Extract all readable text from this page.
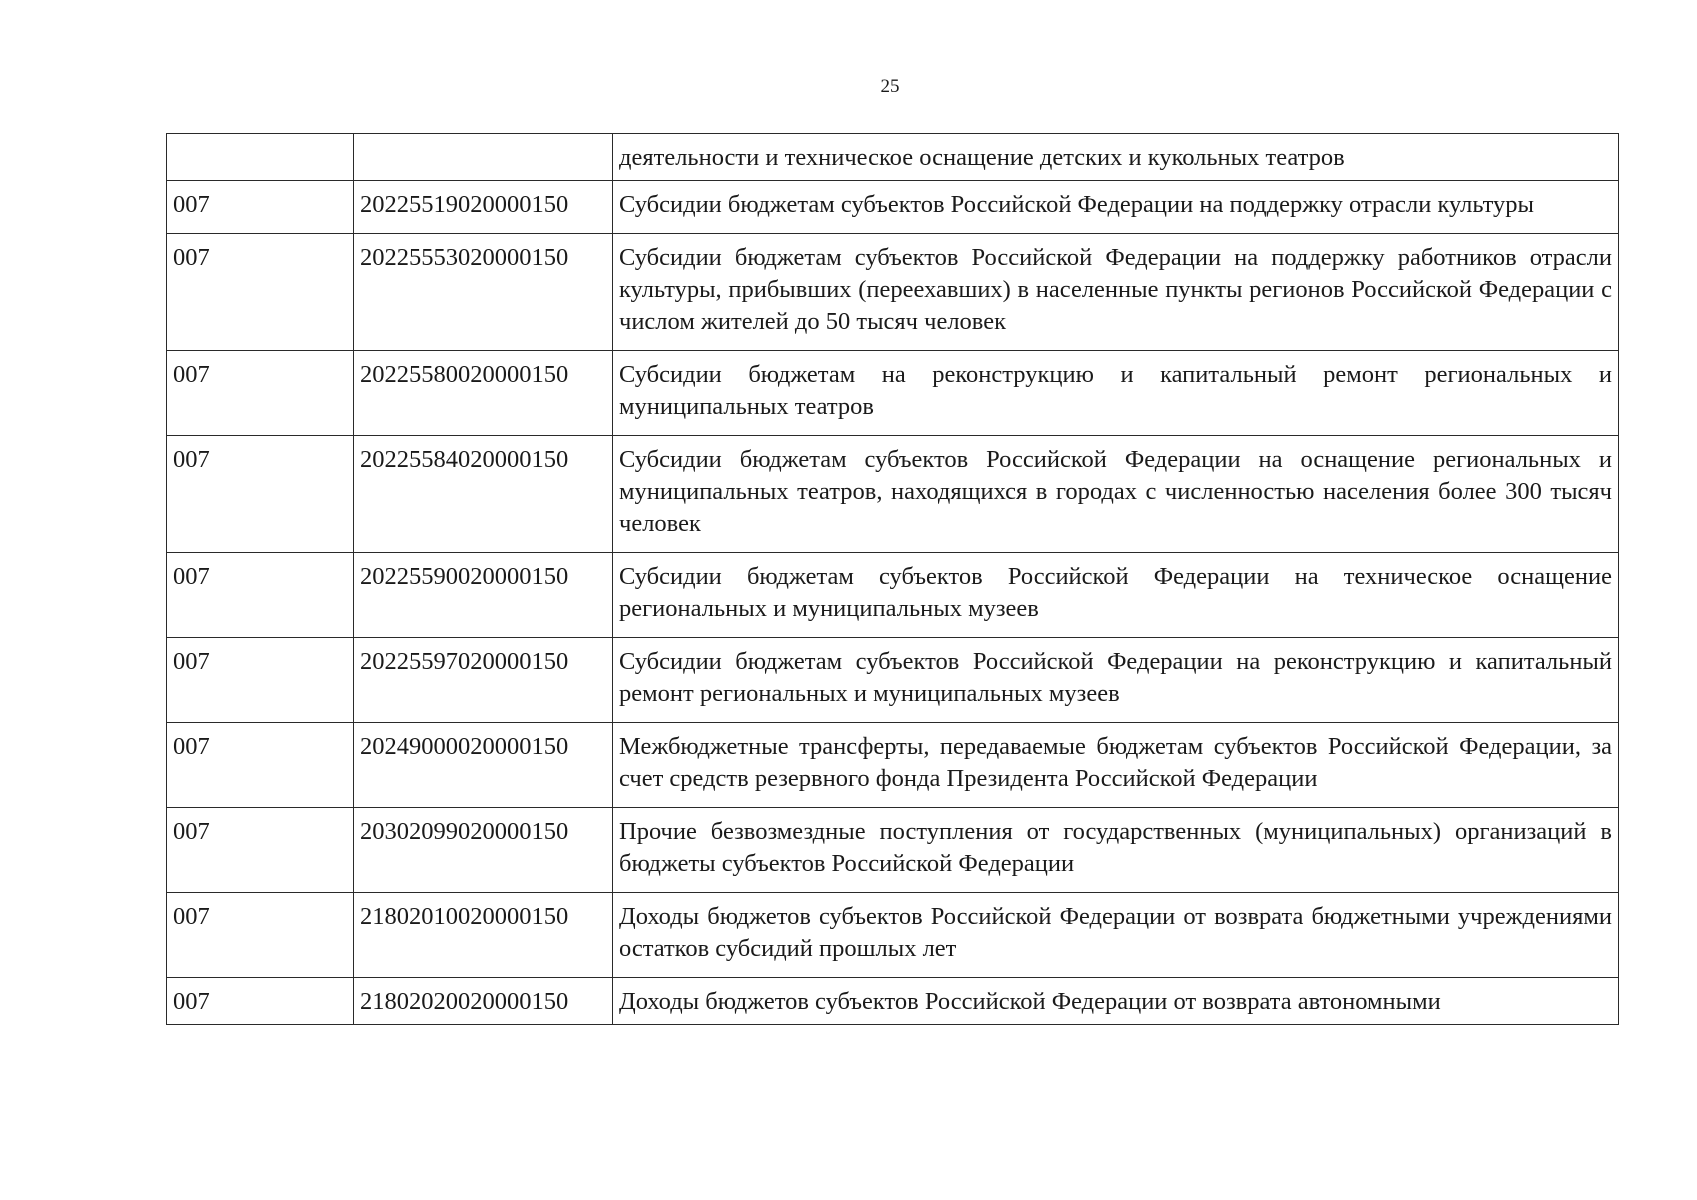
25
		деятельности и техническое оснащение детских и кукольных театров
007	20225519020000150	Субсидии бюджетам субъектов Российской Федерации на поддержку отрасли культуры
007	20225553020000150	Субсидии бюджетам субъектов Российской Федерации на поддержку работников отрасли культуры, прибывших (переехавших) в населенные пункты регионов Российской Федерации с числом жителей до 50 тысяч человек
007	20225580020000150	Субсидии бюджетам на реконструкцию и капитальный ремонт региональных и муниципальных театров
007	20225584020000150	Субсидии бюджетам субъектов Российской Федерации на оснащение региональных и муниципальных театров, находящихся в городах с численностью населения более 300 тысяч человек
007	20225590020000150	Субсидии бюджетам субъектов Российской Федерации на техническое оснащение региональных и муниципальных музеев
007	20225597020000150	Субсидии бюджетам субъектов Российской Федерации на реконструкцию и капитальный ремонт региональных и муниципальных музеев
007	20249000020000150	Межбюджетные трансферты, передаваемые бюджетам субъектов Российской Федерации, за счет средств резервного фонда Президента Российской Федерации
007	20302099020000150	Прочие безвозмездные поступления от государственных (муниципальных) организаций в бюджеты субъектов Российской Федерации
007	21802010020000150	Доходы бюджетов субъектов Российской Федерации от возврата бюджетными учреждениями остатков субсидий прошлых лет
007	21802020020000150	Доходы бюджетов субъектов Российской Федерации от возврата автономными
